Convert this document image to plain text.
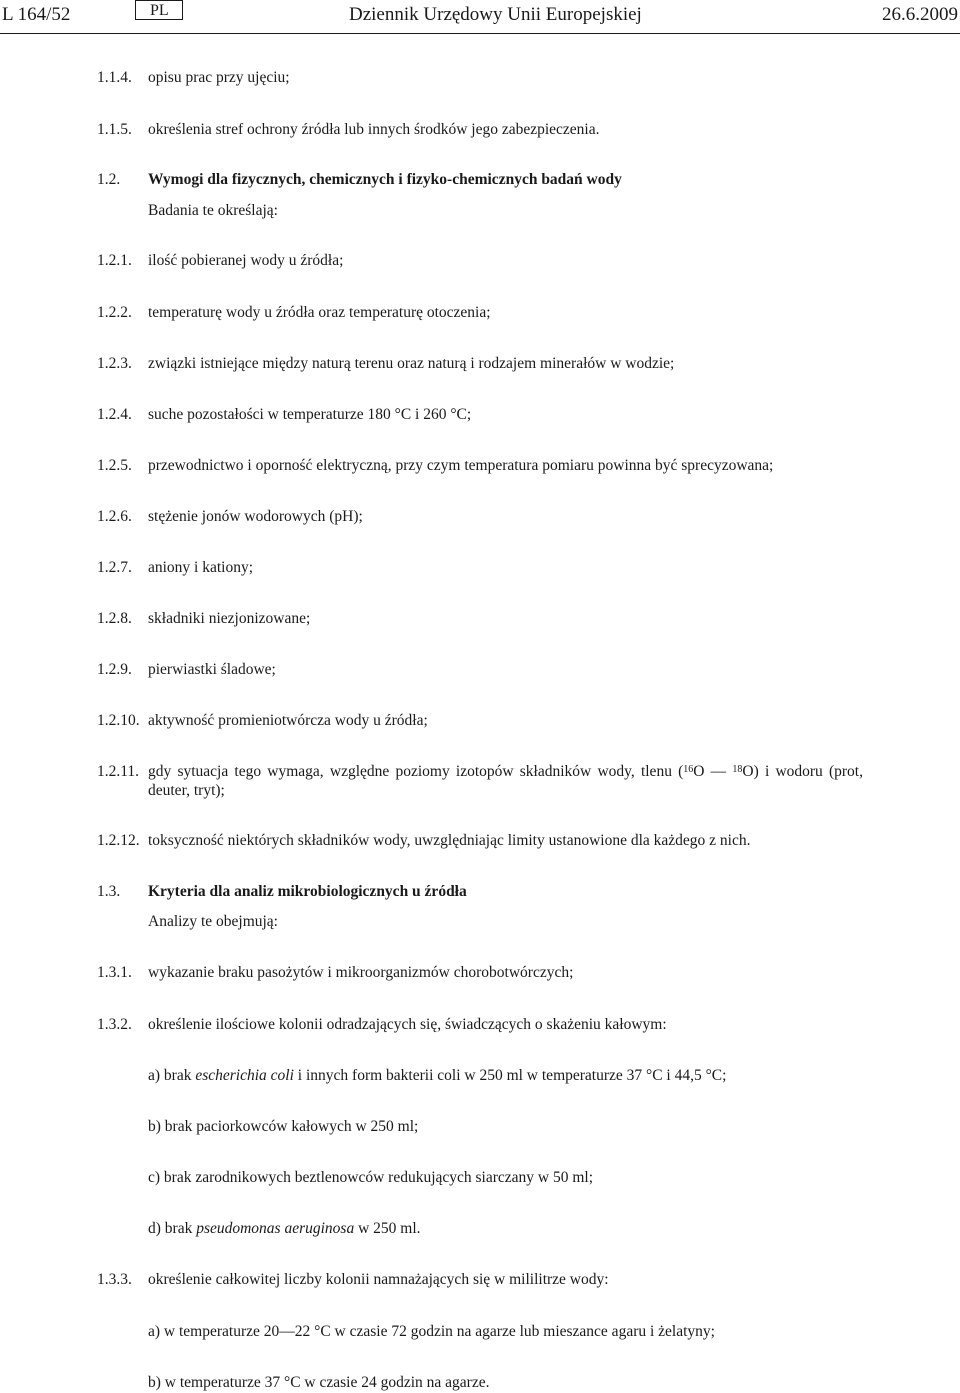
L 164/52	PL	Dziennik Urzędowy Unii Europejskiej	26.6.2009
1.1.4. opisu prac przy ujęciu;
1.1.5. określenia stref ochrony źródła lub innych środków jego zabezpieczenia.
1.2. Wymogi dla fizycznych, chemicznych i fizyko-chemicznych badań wody
Badania te określają:
1.2.1. ilość pobieranej wody u źródła;
1.2.2. temperaturę wody u źródła oraz temperaturę otoczenia;
1.2.3. związki istniejące między naturą terenu oraz naturą i rodzajem minerałów w wodzie;
1.2.4. suche pozostałości w temperaturze 180 °C i 260 °C;
1.2.5. przewodnictwo i oporność elektryczną, przy czym temperatura pomiaru powinna być sprecyzowana;
1.2.6. stężenie jonów wodorowych (pH);
1.2.7. aniony i kationy;
1.2.8. składniki niezjonizowane;
1.2.9. pierwiastki śladowe;
1.2.10. aktywność promieniotwórcza wody u źródła;
1.2.11. gdy sytuacja tego wymaga, względne poziomy izotopów składników wody, tlenu ($^{16}$O — $^{18}$O) i wodoru (prot, deuter, tryt);
1.2.12. toksyczność niektórych składników wody, uwzględniając limity ustanowione dla każdego z nich.
1.3. Kryteria dla analiz mikrobiologicznych u źródła
Analizy te obejmują:
1.3.1. wykazanie braku pasożytów i mikroorganizmów chorobotwórczych;
1.3.2. określenie ilościowe kolonii odradzających się, świadczących o skażeniu kałowym:
a) brak escherichia coli i innych form bakterii coli w 250 ml w temperaturze 37 °C i 44,5 °C;
b) brak paciorkowców kałowych w 250 ml;
c) brak zarodnikowych beztlenowców redukujących siarczany w 50 ml;
d) brak pseudomonas aeruginosa w 250 ml.
1.3.3. określenie całkowitej liczby kolonii namnażających się w mililitrze wody:
a) w temperaturze 20—22 °C w czasie 72 godzin na agarze lub mieszance agaru i żelatyny;
b) w temperaturze 37 °C w czasie 24 godzin na agarze.
